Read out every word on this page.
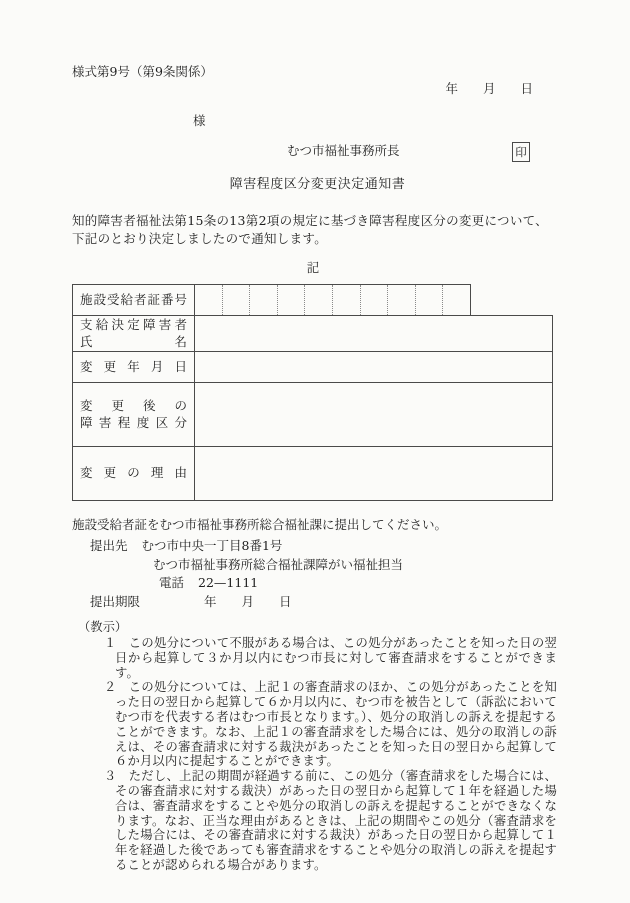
様式第9号（第9条関係）
年　　月　　日
様
むつ市福祉事務所長	印
障害程度区分変更決定通知書
知的障害者福祉法第15条の13第2項の規定に基づき障害程度区分の変更について、下記のとおり決定しましたので通知します。
記
施設受給者証番号
支給決定障害者
氏名
変更年月日
変更後の
障害程度区分
変更の理由
施設受給者証をむつ市福祉事務所総合福祉課に提出してください。
提出先 むつ市中央一丁目8番1号
むつ市福祉事務所総合福祉課障がい福祉担当
電話 22—1111
提出期限	年　　月　　日
（教示）
１ この処分について不服がある場合は、この処分があったことを知った日の翌日から起算して３か月以内にむつ市長に対して審査請求をすることができます。
２ この処分については、上記１の審査請求のほか、この処分があったことを知った日の翌日から起算して６か月以内に、むつ市を被告として（訴訟においてむつ市を代表する者はむつ市長となります。）、処分の取消しの訴えを提起することができます。なお、上記１の審査請求をした場合には、処分の取消しの訴えは、その審査請求に対する裁決があったことを知った日の翌日から起算して６か月以内に提起することができます。
３ ただし、上記の期間が経過する前に、この処分（審査請求をした場合には、その審査請求に対する裁決）があった日の翌日から起算して１年を経過した場合は、審査請求をすることや処分の取消しの訴えを提起することができなくなります。なお、正当な理由があるときは、上記の期間やこの処分（審査請求をした場合には、その審査請求に対する裁決）があった日の翌日から起算して１年を経過した後であっても審査請求をすることや処分の取消しの訴えを提起することが認められる場合があります。
